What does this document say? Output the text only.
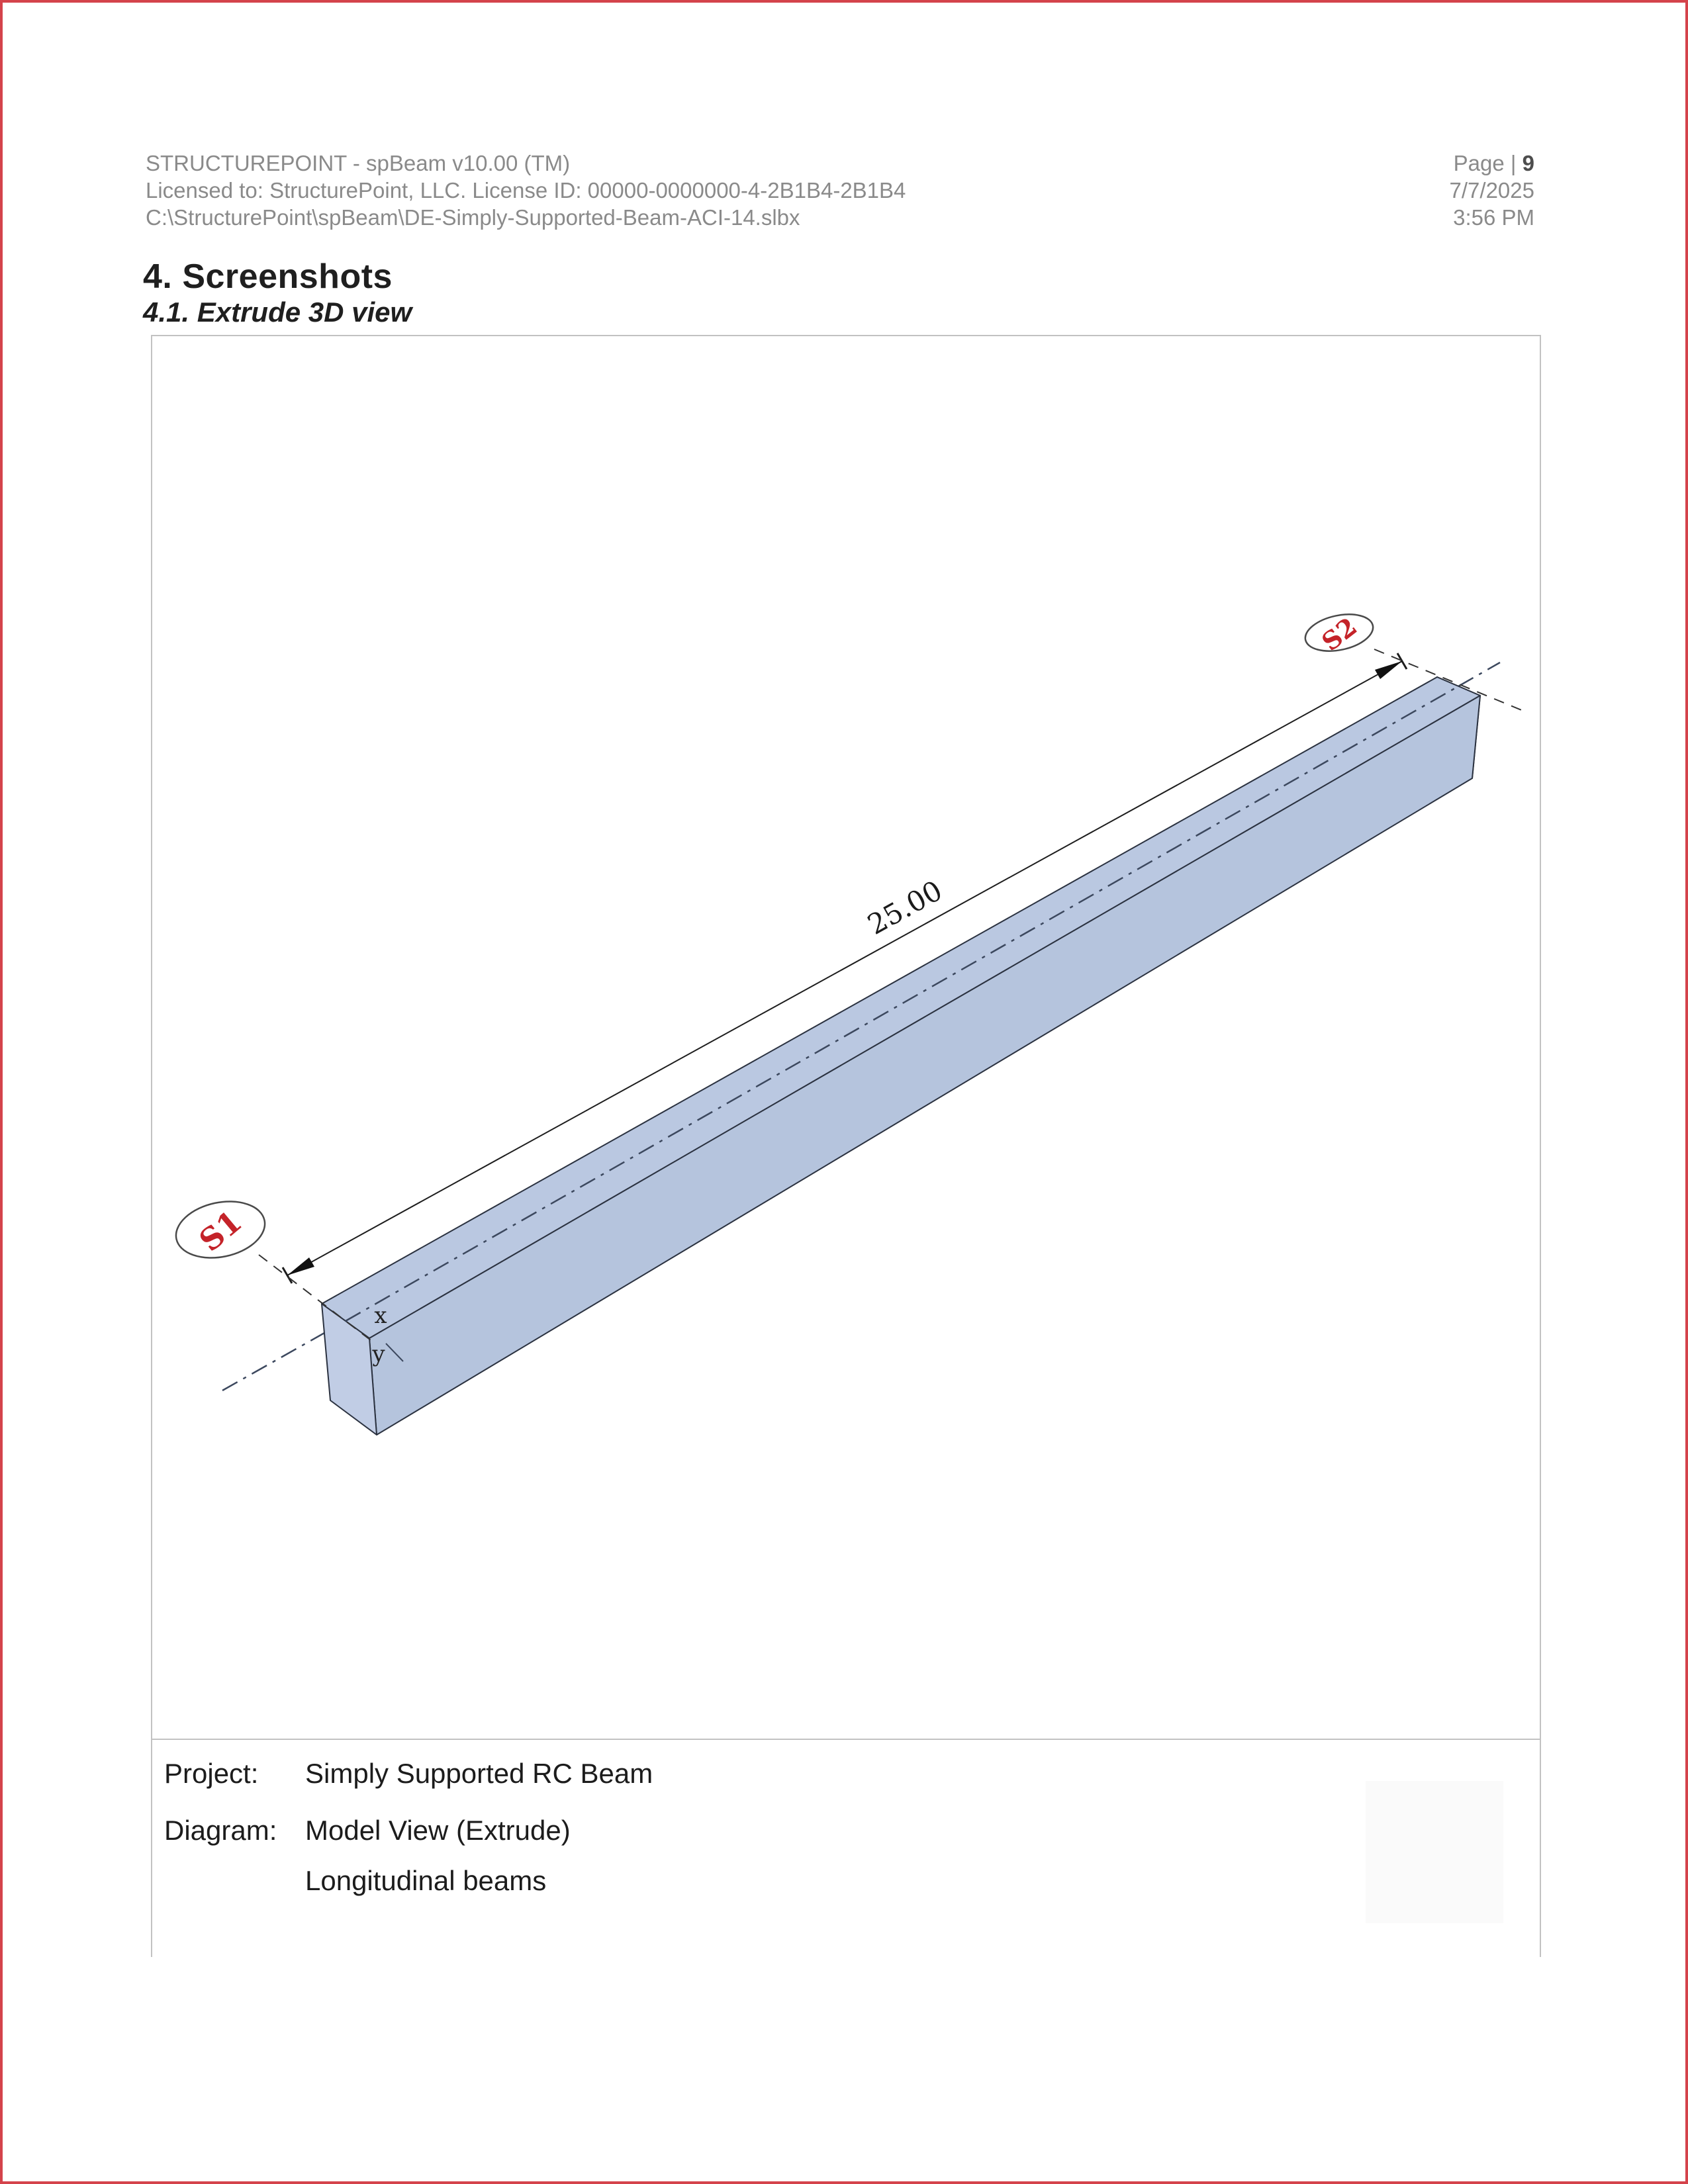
STRUCTUREPOINT - spBeam v10.00 (TM)
Licensed to: StructurePoint, LLC. License ID: 00000-0000000-4-2B1B4-2B1B4
C:\StructurePoint\spBeam\DE-Simply-Supported-Beam-ACI-14.slbx
Page | 9
7/7/2025
3:56 PM
4. Screenshots
4.1. Extrude 3D view
25.00
S1
S2
x
y
Project: Simply Supported RC Beam
Diagram: Model View (Extrude)
Longitudinal beams
